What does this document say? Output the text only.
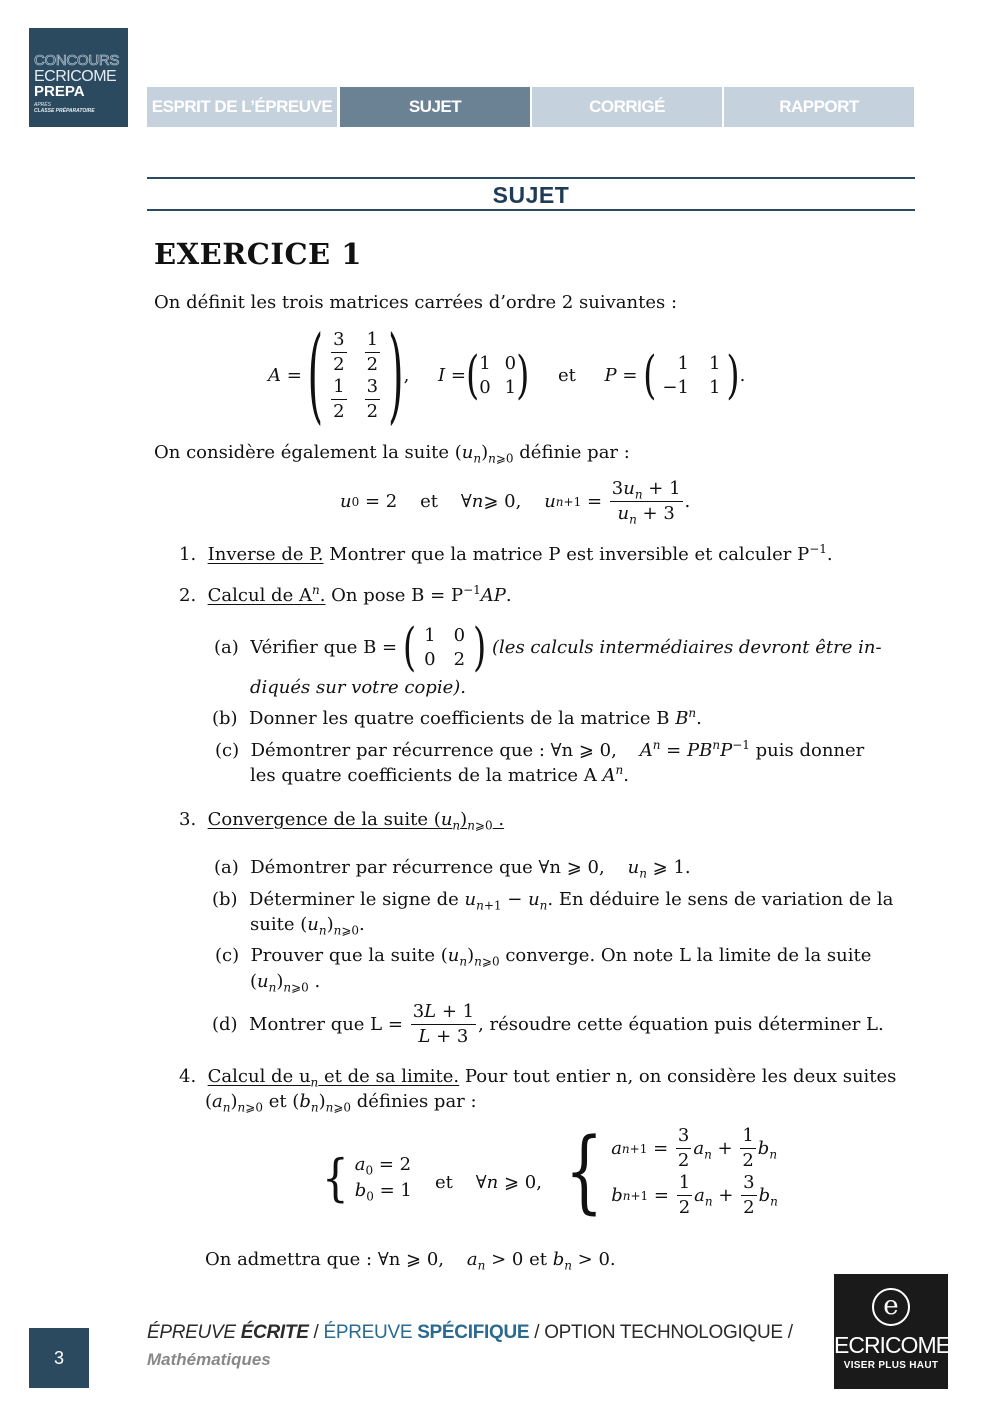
CONCOURS
ECRICOME
PREPA
APRÈS
CLASSE PRÉPARATOIRE	ESPRIT DE L’ÉPREUVE	SUJET	CORRIGÉ	RAPPORT
SUJET
EXERCICE 1
On définit les trois matrices carrées d’ordre 2 suivantes :
A = ( $\frac{3}{2} \frac{1}{2}$
$\frac{1}{2} \frac{3}{2}$ ) , I = ( 1 0
0 1 ) et P = (	1 1
−1 1 ) .
On considère également la suite $(u_n)_{n⩾0}$ définie par :
u 0 = 2    et    ∀ n ⩾ 0, u $n+1 = \frac{3u_n + 1}{u_n + 3}$ .
1. Inverse de P. Montrer que la matrice P est inversible et calculer $P^{-1}$.
2. Calcul de $A^n$. On pose $B = P^{-1}AP$.
(a) Vérifier que B =
( 1 0
0 2 )
(les calculs intermédiaires devront être in-
diqués sur votre copie).
(b)  Donner les quatre coefficients de la matrice B $B^n$.
(c)  Démontrer par récurrence que : ∀n ⩾ 0, $A^n = PB^nP^{-1}$ puis donner
les quatre coefficients de la matrice A $A^n$.
3. Convergence de la suite $(u_n)_{n⩾0}$ .
(a)  Démontrer par récurrence que ∀n ⩾ 0, $u_n$ ⩾ 1.
(b)  Déterminer le signe de $u_{n+1} - u_n$. En déduire le sens de variation de la
suite $(u_n)_{n⩾0}$.
(c)  Prouver que la suite $(u_n)_{n⩾0}$ converge. On note L la limite de la suite
$(u_n)_{n⩾0}$ .
(d) Montrer que L =
$\frac{3L + 1}{L + 3}$ , résoudre cette équation puis déterminer L.
4. Calcul de $u_n$ et de sa limite. Pour tout entier n, on considère les deux suites
$(a_n)_{n⩾0}$ et $(b_n)_{n⩾0}$ définies par :
{ $a_0 = 2$
$b_0 = 1$ et    ∀n ⩾ 0, { a $n+1 = \frac{3}{2} a_n + \frac{1}{2} b_n$
b $n+1 = \frac{1}{2} a_n + \frac{3}{2} b_n$
On admettra que : ∀n ⩾ 0, $a_n > 0$ et $b_n > 0$.
3
ÉPREUVE ÉCRITE / ÉPREUVE SPÉCIFIQUE / OPTION TECHNOLOGIQUE /
Mathématiques
e
ECRICOME
VISER PLUS HAUT
